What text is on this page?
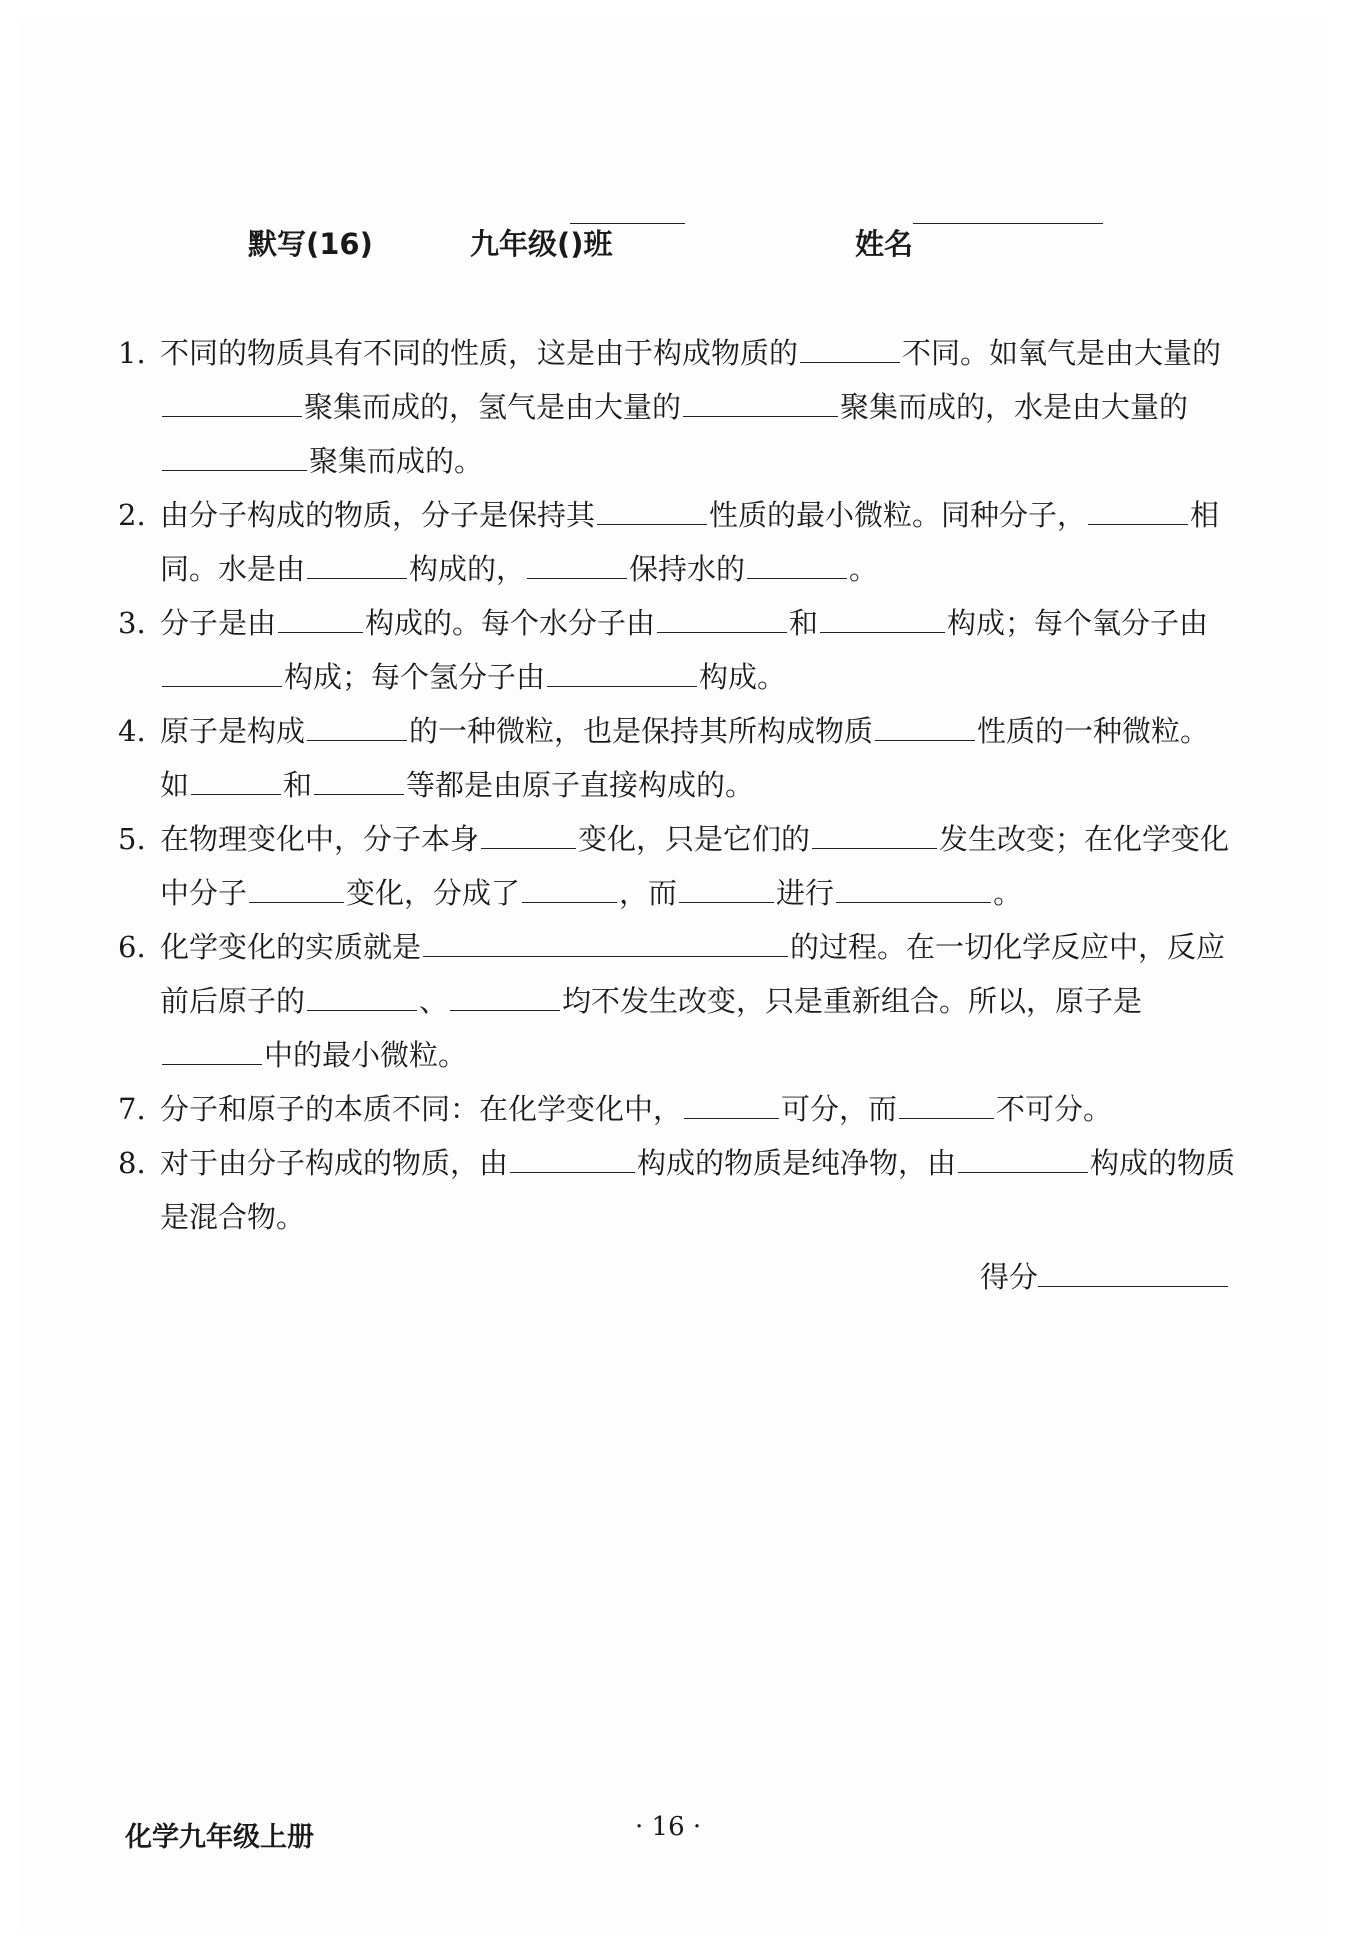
默写(16)	九年级(
)班	姓名
1. 不同的物质具有不同的性质，这是由于构成物质的	不同。如氧气是由大量的聚集而成的，氢气是由大量的	聚集而成的，水是由大量的聚集而成的。
2. 由分子构成的物质，分子是保持其	性质的最小微粒。同种分子，	相同。水是由	构成的，	保持水的	。
3. 分子是由	构成的。每个水分子由	和	构成；每个氧分子由构成；每个氢分子由	构成。
4. 原子是构成	的一种微粒，也是保持其所构成物质	性质的一种微粒。如	和	等都是由原子直接构成的。
5. 在物理变化中，分子本身	变化，只是它们的	发生改变；在化学变化中分子	变化，分成了	，而	进行	。
6. 化学变化的实质就是	的过程。在一切化学反应中，反应前后原子的	、	均不发生改变，只是重新组合。所以，原子是中的最小微粒。
7. 分子和原子的本质不同：在化学变化中，	可分，而	不可分。
8. 对于由分子构成的物质，由	构成的物质是纯净物，由	构成的物质是混合物。
得分
化学九年级上册	· 16 ·
